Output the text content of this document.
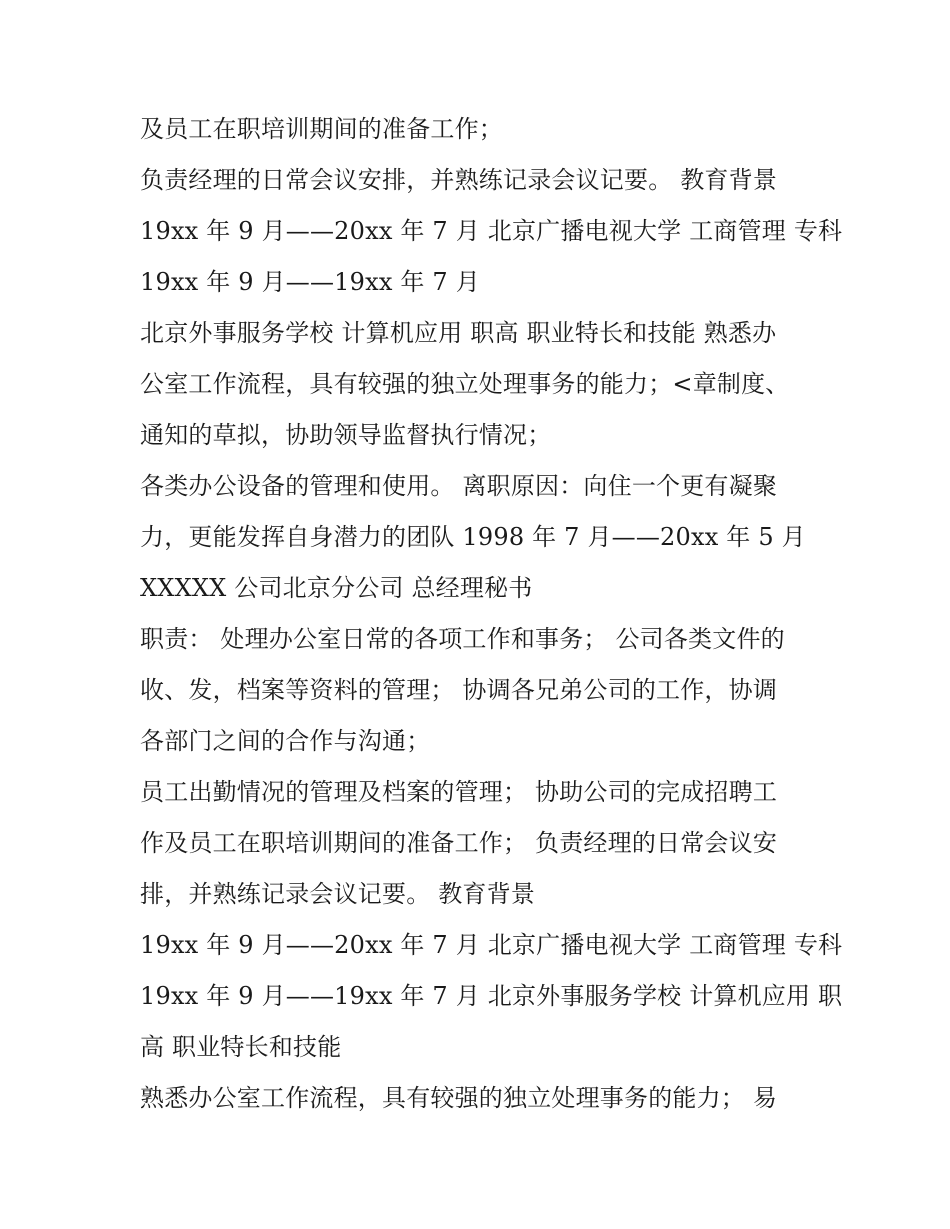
及员工在职培训期间的准备工作；
负责经理的日常会议安排，并熟练记录会议记要。 教育背景
19xx 年 9 月——20xx 年 7 月 北京广播电视大学 工商管理 专科
19xx 年 9 月——19xx 年 7 月
北京外事服务学校 计算机应用 职高 职业特长和技能 熟悉办
公室工作流程，具有较强的独立处理事务的能力；<章制度、
通知的草拟，协助领导监督执行情况；
各类办公设备的管理和使用。 离职原因：向住一个更有凝聚
力，更能发挥自身潜力的团队 1998 年 7 月——20xx 年 5 月
XXXXX 公司北京分公司 总经理秘书
职责： 处理办公室日常的各项工作和事务； 公司各类文件的
收、发，档案等资料的管理； 协调各兄弟公司的工作，协调
各部门之间的合作与沟通；
员工出勤情况的管理及档案的管理； 协助公司的完成招聘工
作及员工在职培训期间的准备工作； 负责经理的日常会议安
排，并熟练记录会议记要。 教育背景
19xx 年 9 月——20xx 年 7 月 北京广播电视大学 工商管理 专科
19xx 年 9 月——19xx 年 7 月 北京外事服务学校 计算机应用 职
高 职业特长和技能
熟悉办公室工作流程，具有较强的独立处理事务的能力； 易
